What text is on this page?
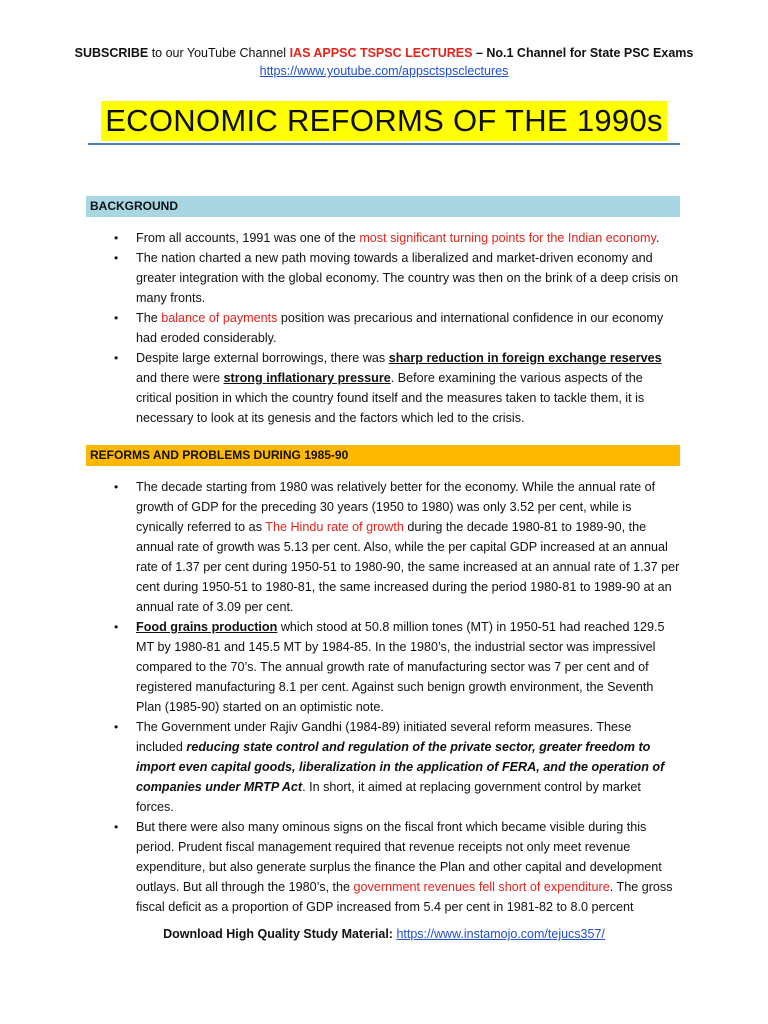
SUBSCRIBE to our YouTube Channel IAS APPSC TSPSC LECTURES – No.1 Channel for State PSC Exams
https://www.youtube.com/appsctspsclectures
ECONOMIC REFORMS OF THE 1990s
BACKGROUND
• From all accounts, 1991 was one of the most significant turning points for the Indian economy.
• The nation charted a new path moving towards a liberalized and market-driven economy and greater integration with the global economy. The country was then on the brink of a deep crisis on many fronts.
• The balance of payments position was precarious and international confidence in our economy had eroded considerably.
• Despite large external borrowings, there was sharp reduction in foreign exchange reserves and there were strong inflationary pressure. Before examining the various aspects of the critical position in which the country found itself and the measures taken to tackle them, it is necessary to look at its genesis and the factors which led to the crisis.
REFORMS AND PROBLEMS DURING 1985-90
• The decade starting from 1980 was relatively better for the economy. While the annual rate of growth of GDP for the preceding 30 years (1950 to 1980) was only 3.52 per cent, while is cynically referred to as The Hindu rate of growth during the decade 1980-81 to 1989-90, the annual rate of growth was 5.13 per cent. Also, while the per capital GDP increased at an annual rate of 1.37 per cent during 1950-51 to 1980-90, the same increased at an annual rate of 1.37 per cent during 1950-51 to 1980-81, the same increased during the period 1980-81 to 1989-90 at an annual rate of 3.09 per cent.
• Food grains production which stood at 50.8 million tones (MT) in 1950-51 had reached 129.5 MT by 1980-81 and 145.5 MT by 1984-85. In the 1980’s, the industrial sector was impressivel compared to the 70’s. The annual growth rate of manufacturing sector was 7 per cent and of registered manufacturing 8.1 per cent. Against such benign growth environment, the Seventh Plan (1985-90) started on an optimistic note.
• The Government under Rajiv Gandhi (1984-89) initiated several reform measures. These included reducing state control and regulation of the private sector, greater freedom to import even capital goods, liberalization in the application of FERA, and the operation of companies under MRTP Act. In short, it aimed at replacing government control by market forces.
• But there were also many ominous signs on the fiscal front which became visible during this period. Prudent fiscal management required that revenue receipts not only meet revenue expenditure, but also generate surplus the finance the Plan and other capital and development outlays. But all through the 1980’s, the government revenues fell short of expenditure. The gross fiscal deficit as a proportion of GDP increased from 5.4 per cent in 1981-82 to 8.0 percent
Download High Quality Study Material: https://www.instamojo.com/tejucs357/
